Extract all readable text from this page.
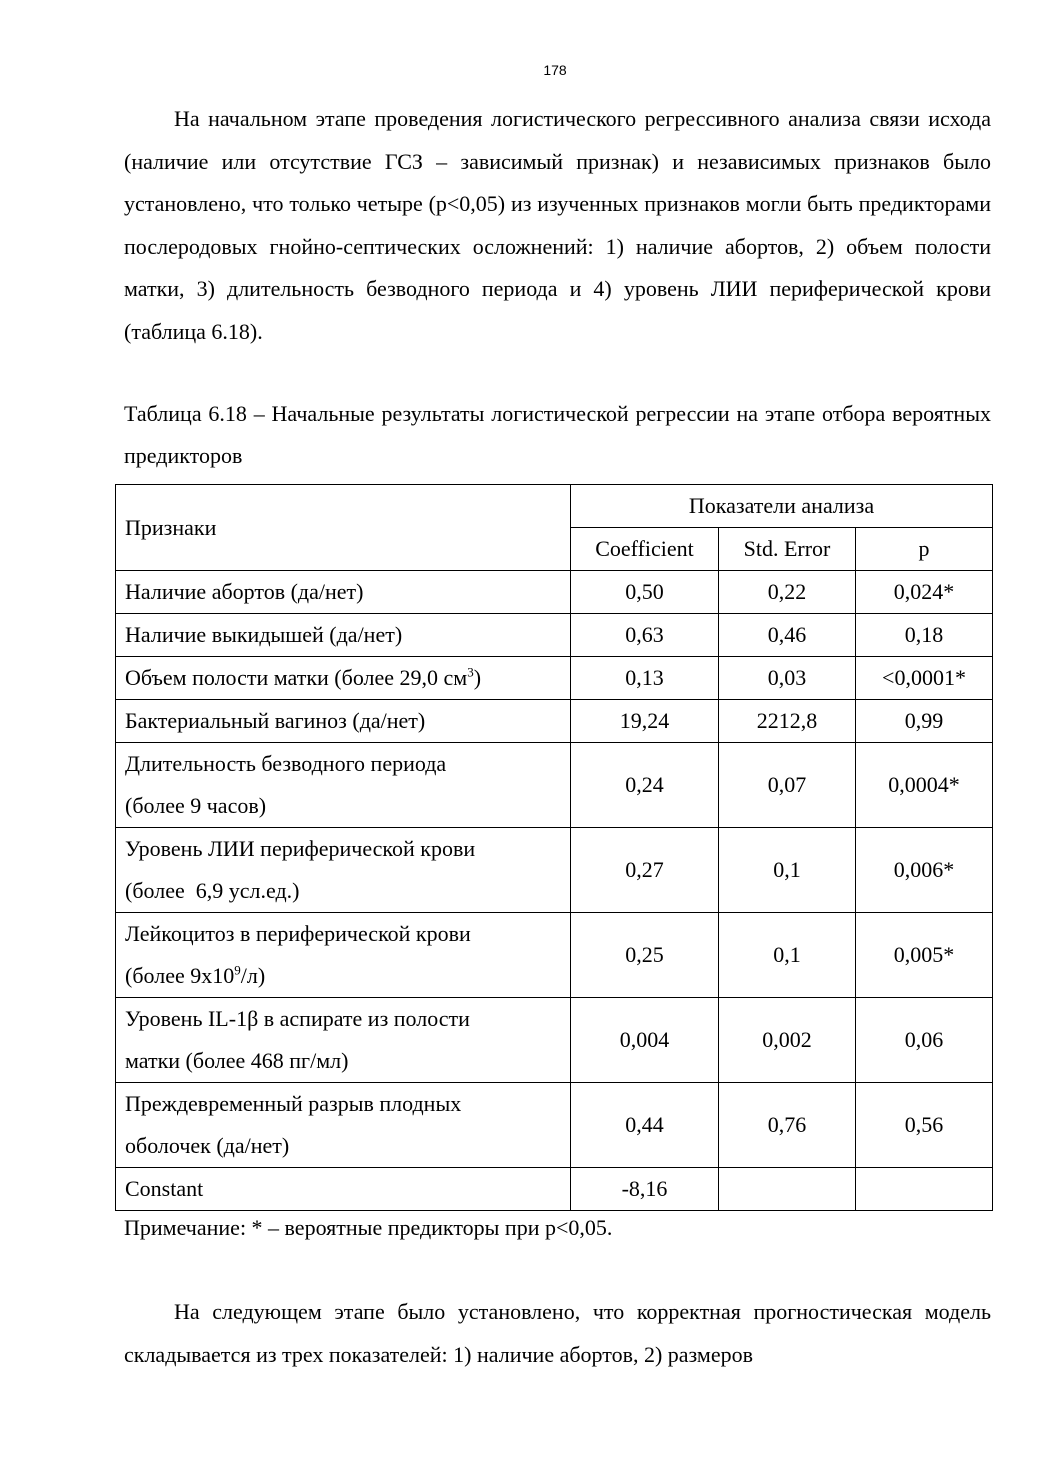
178

На начальном этапе проведения логистического регрессивного анализа связи исхода (наличие или отсутствие ГСЗ – зависимый признак) и независимых признаков было установлено, что только четыре (p<0,05) из изученных признаков могли быть предикторами послеродовых гнойно-септических осложнений: 1) наличие абортов, 2) объем полости матки, 3) длительность безводного периода и 4) уровень ЛИИ периферической крови (таблица 6.18).

Таблица 6.18 – Начальные результаты логистической регрессии на этапе отбора вероятных предикторов

Признаки	Показатели анализа		
	Coefficient	Std. Error	p
Наличие абортов (да/нет)	0,50	0,22	0,024*
Наличие выкидышей (да/нет)	0,63	0,46	0,18
Объем полости матки (более 29,0 $см^3$)	0,13	0,03	<0,0001*
Бактериальный вагиноз (да/нет)	19,24	2212,8	0,99
Длительность безводного периода
(более 9 часов)	0,24	0,07	0,0004*
Уровень ЛИИ периферической крови
(более  6,9 усл.ед.)	0,27	0,1	0,006*
Лейкоцитоз в периферической крови
(более $9х10^9/л$)	0,25	0,1	0,005*
Уровень IL-1β в аспирате из полости
матки (более 468 пг/мл)	0,004	0,002	0,06
Преждевременный разрыв плодных
оболочек (да/нет)	0,44	0,76	0,56
Constant	-8,16		

Примечание: * – вероятные предикторы при p<0,05.

На следующем этапе было установлено, что корректная прогностическая модель складывается из трех показателей: 1) наличие абортов, 2) размеров
